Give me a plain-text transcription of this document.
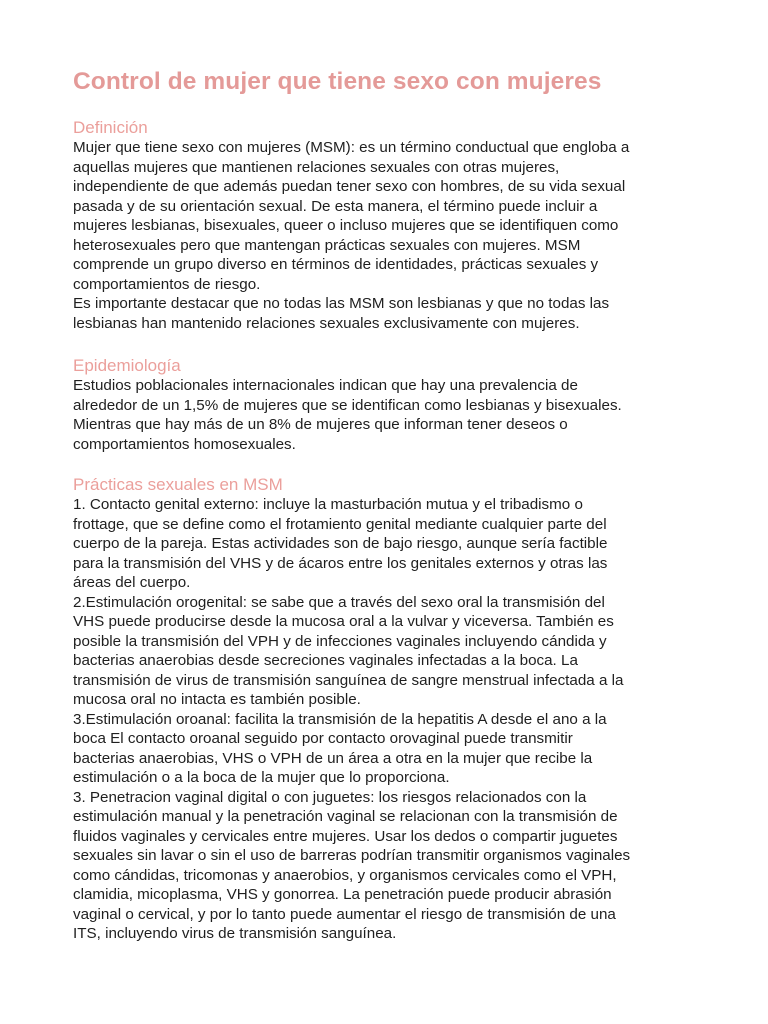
Control de mujer que tiene sexo con mujeres
Definición

Mujer que tiene sexo con mujeres (MSM): es un término conductual que engloba a
aquellas mujeres que mantienen relaciones sexuales con otras mujeres,
independiente de que además puedan tener sexo con hombres, de su vida sexual
pasada y de su orientación sexual. De esta manera, el término puede incluir a
mujeres lesbianas, bisexuales, queer o incluso mujeres que se identifiquen como
heterosexuales pero que mantengan prácticas sexuales con mujeres. MSM
comprende un grupo diverso en términos de identidades, prácticas sexuales y
comportamientos de riesgo.
Es importante destacar que no todas las MSM son lesbianas y que no todas las
lesbianas han mantenido relaciones sexuales exclusivamente con mujeres.

Epidemiología

Estudios poblacionales internacionales indican que hay una prevalencia de
alrededor de un 1,5% de mujeres que se identifican como lesbianas y bisexuales.
Mientras que hay más de un 8% de mujeres que informan tener deseos o
comportamientos homosexuales.

Prácticas sexuales en MSM

1. Contacto genital externo: incluye la masturbación mutua y el tribadismo o
frottage, que se define como el frotamiento genital mediante cualquier parte del
cuerpo de la pareja. Estas actividades son de bajo riesgo, aunque sería factible
para la transmisión del VHS y de ácaros entre los genitales externos y otras las
áreas del cuerpo.
2.Estimulación orogenital: se sabe que a través del sexo oral la transmisión del
VHS puede producirse desde la mucosa oral a la vulvar y viceversa. También es
posible la transmisión del VPH y de infecciones vaginales incluyendo cándida y
bacterias anaerobias desde secreciones vaginales infectadas a la boca. La
transmisión de virus de transmisión sanguínea de sangre menstrual infectada a la
mucosa oral no intacta es también posible.
3.Estimulación oroanal: facilita la transmisión de la hepatitis A desde el ano a la
boca El contacto oroanal seguido por contacto orovaginal puede transmitir
bacterias anaerobias, VHS o VPH de un área a otra en la mujer que recibe la
estimulación o a la boca de la mujer que lo proporciona.
3. Penetracion vaginal digital o con juguetes: los riesgos relacionados con la
estimulación manual y la penetración vaginal se relacionan con la transmisión de
fluidos vaginales y cervicales entre mujeres. Usar los dedos o compartir juguetes
sexuales sin lavar o sin el uso de barreras podrían transmitir organismos vaginales
como cándidas, tricomonas y anaerobios, y organismos cervicales como el VPH,
clamidia, micoplasma, VHS y gonorrea. La penetración puede producir abrasión
vaginal o cervical, y por lo tanto puede aumentar el riesgo de transmisión de una
ITS, incluyendo virus de transmisión sanguínea.
